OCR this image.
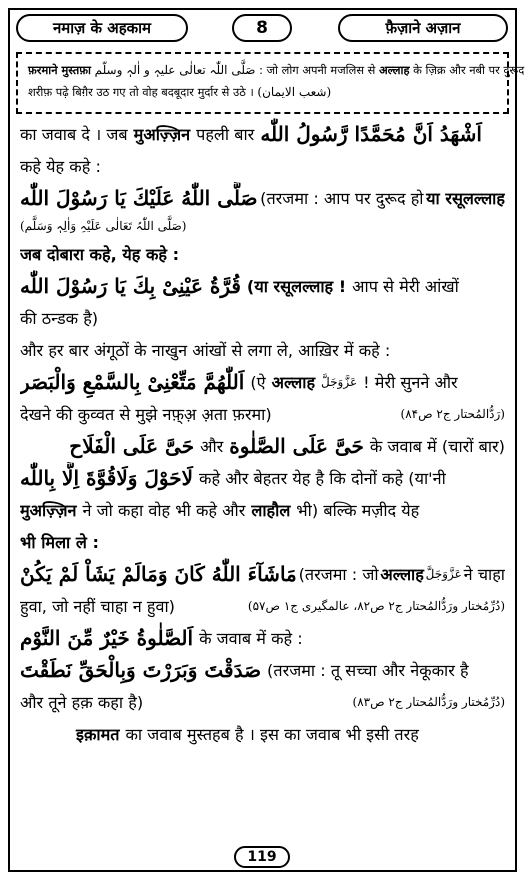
नमाज़ के अहकाम	8	फ़ैज़ाने अज़ान
फ़रमाने मुस्तफ़ा صَلَّی اللّٰہ تعالٰی علیہٖ و اٰلہٖ وسلّم : जो लोग अपनी मजलिस से अल्लाह के ज़िक्र और नबी पर दुरूद
शरीफ़ पढ़े बिग़ैर उठ गए तो वोह बदबूदार मुर्दार से उठे । (شعب الایمان)
का जवाब दे । जब मुअज़्ज़िन पहली बार اَشْهَدُ اَنَّ مُحَمَّدًا رَّسُولُ اللّٰه
कहे येह कहे :
صَلَّی اللّٰهُ عَلَیْكَ یَا رَسُوْلَ اللّٰه (तरजमा : आप पर दुरूद हो या रसूलल्लाह
(صَلَّی اللّٰہُ تَعَالٰی عَلَیْہِ وَاٰلِہٖ وَسَلَّم)
जब दोबारा कहे, येह कहे :
قُرَّةُ عَیْنِیْ بِكَ یَا رَسُوْلَ اللّٰه (या रसूलल्लाह ! आप से मेरी आंखों
की ठन्डक है)
और हर बार अंगूठों के नाखुन आंखों से लगा ले, आख़िर में कहे :
اَللّٰهُمَّ مَتِّعْنِیْ بِالسَّمْعِ وَالْبَصَر (ऐ अल्लाह عَزَّوَجَلَّ ! मेरी सुनने और
देखने की कुव्वत से मुझे नफ़्अ़ अ़ता फ़रमा)	(رَدُّالمُحتار ج۲ ص۸۴)
حَیَّ عَلَی الْفَلَاح और حَیَّ عَلَی الصَّلٰوة के जवाब में (चारों बार)
لَاحَوْلَ وَلَاقُوَّةَ اِلَّا بِاللّٰه कहे और बेहतर येह है कि दोनों कहे (या'नी
मुअज़्ज़िन ने जो कहा वोह भी कहे और लाहौल भी) बल्कि मज़ीद येह
भी मिला ले :
مَاشَآءَ اللّٰهُ كَانَ وَمَالَمْ یَشَاْ لَمْ یَكُنْ (तरजमा : जो अल्लाह عَزَّوَجَلَّ ने चाहा
हुवा, जो नहीं चाहा न हुवा)	(دُرِّمُختار ورَدُّالمُحتار ج۲ ص۸۲، عالمگیری ج۱ ص۵۷)
اَلصَّلٰوةُ خَیْرٌ مِّنَ النَّوْم के जवाब में कहे :
صَدَقْتَ وَبَرَرْتَ وَبِالْحَقِّ نَطَقْتَ (तरजमा : तू सच्चा और नेकूकार है
और तूने हक़ कहा है)	(دُرِّمُختار ورَدُّالمُحتار ج۲ ص۸۳)
इक़ामत का जवाब मुस्तहब है । इस का जवाब भी इसी तरह
119
